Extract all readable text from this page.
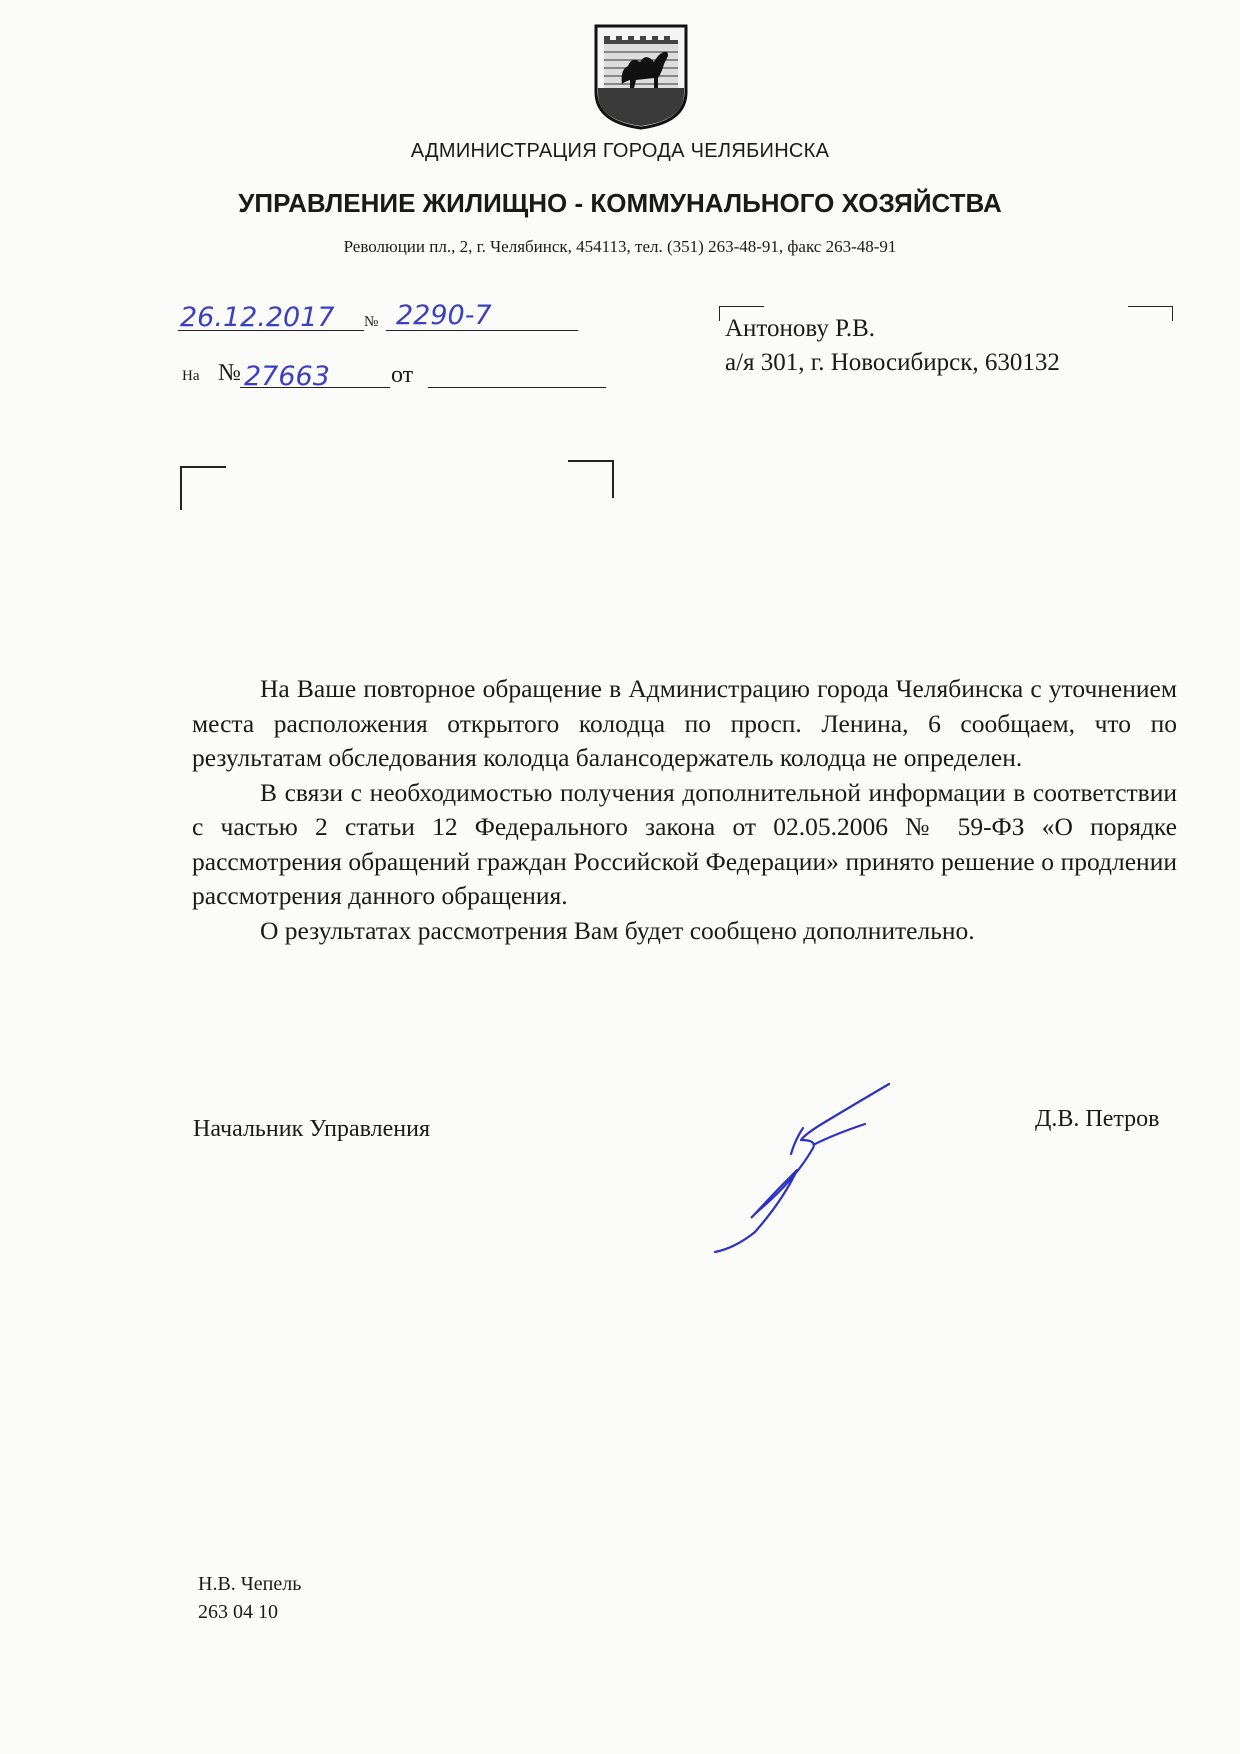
АДМИНИСТРАЦИЯ ГОРОДА ЧЕЛЯБИНСКА
УПРАВЛЕНИЕ ЖИЛИЩНО - КОММУНАЛЬНОГО ХОЗЯЙСТВА
Революции пл., 2, г. Челябинск, 454113, тел. (351) 263-48-91, факс 263-48-91
26.12.2017 № 2290-7
На № 27663	от
Антонову Р.В.
а/я 301, г. Новосибирск, 630132

На Ваше повторное обращение в Администрацию города Челябинска с уточнением места расположения открытого колодца по просп. Ленина, 6 сообщаем, что по результатам обследования колодца балансодержатель колодца не определен.

В связи с необходимостью получения дополнительной информации в соответствии с частью 2 статьи 12 Федерального закона от 02.05.2006 № 59-ФЗ «О порядке рассмотрения обращений граждан Российской Федерации» принято решение о продлении рассмотрения данного обращения.

О результатах рассмотрения Вам будет сообщено дополнительно.

Начальник Управления	Д.В. Петров
Н.В. Чепель
263 04 10
